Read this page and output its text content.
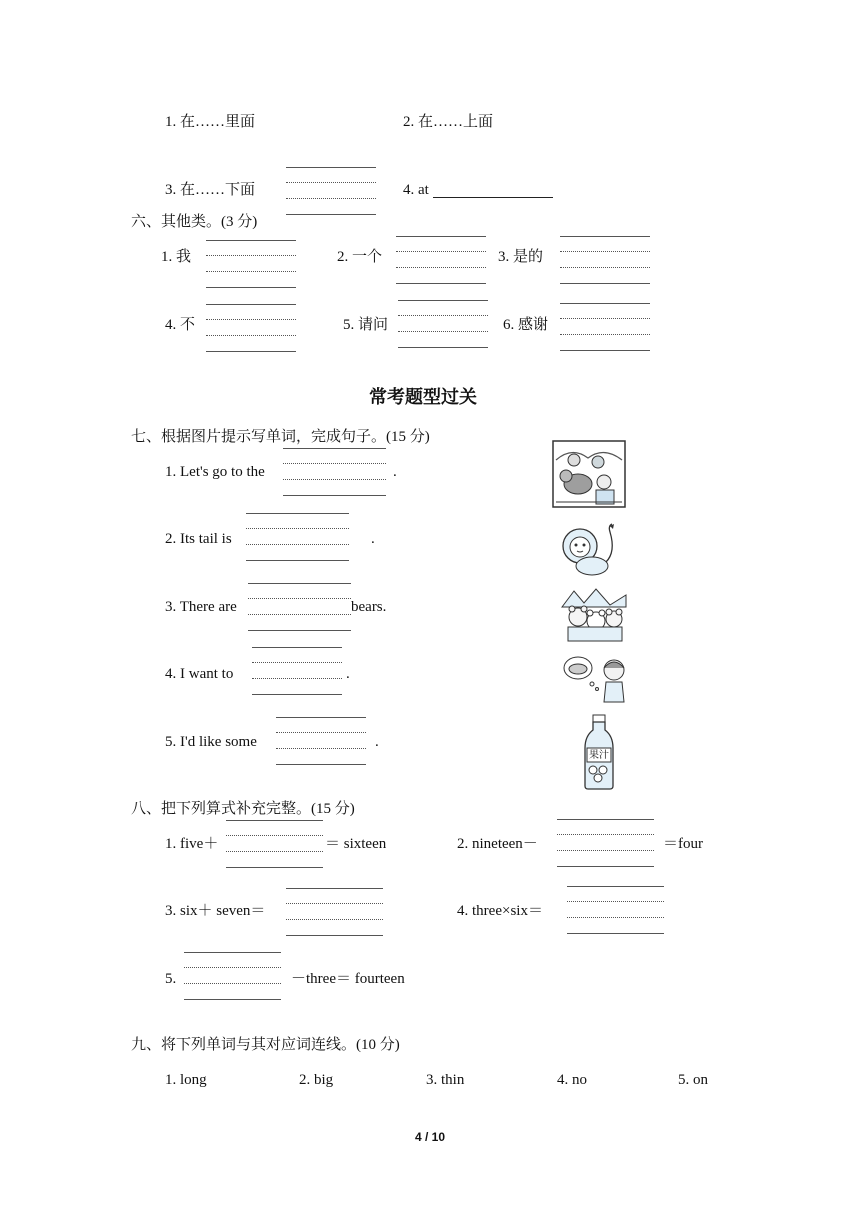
1. 在……里面	2. 在……上面
3. 在……下面	4. at
六、其他类。(3 分)
1. 我	2. 一个	3. 是的
4. 不	5. 请问	6. 感谢
常考题型过关
七、根据图片提示写单词，完成句子。(15 分)
1. Let's go to the	.
2. Its tail is	.
3. There are	bears.
4. I want to	.
5. I'd like some	.
果汁
八、把下列算式补充完整。(15 分)
1. five＋	＝ sixteen	2. nineteen－	＝four
3. six＋ seven＝	4. three×six＝
5.	－three＝ fourteen
九、将下列单词与其对应词连线。(10 分)
1. long	2. big	3. thin	4. no	5. on
4 / 10
